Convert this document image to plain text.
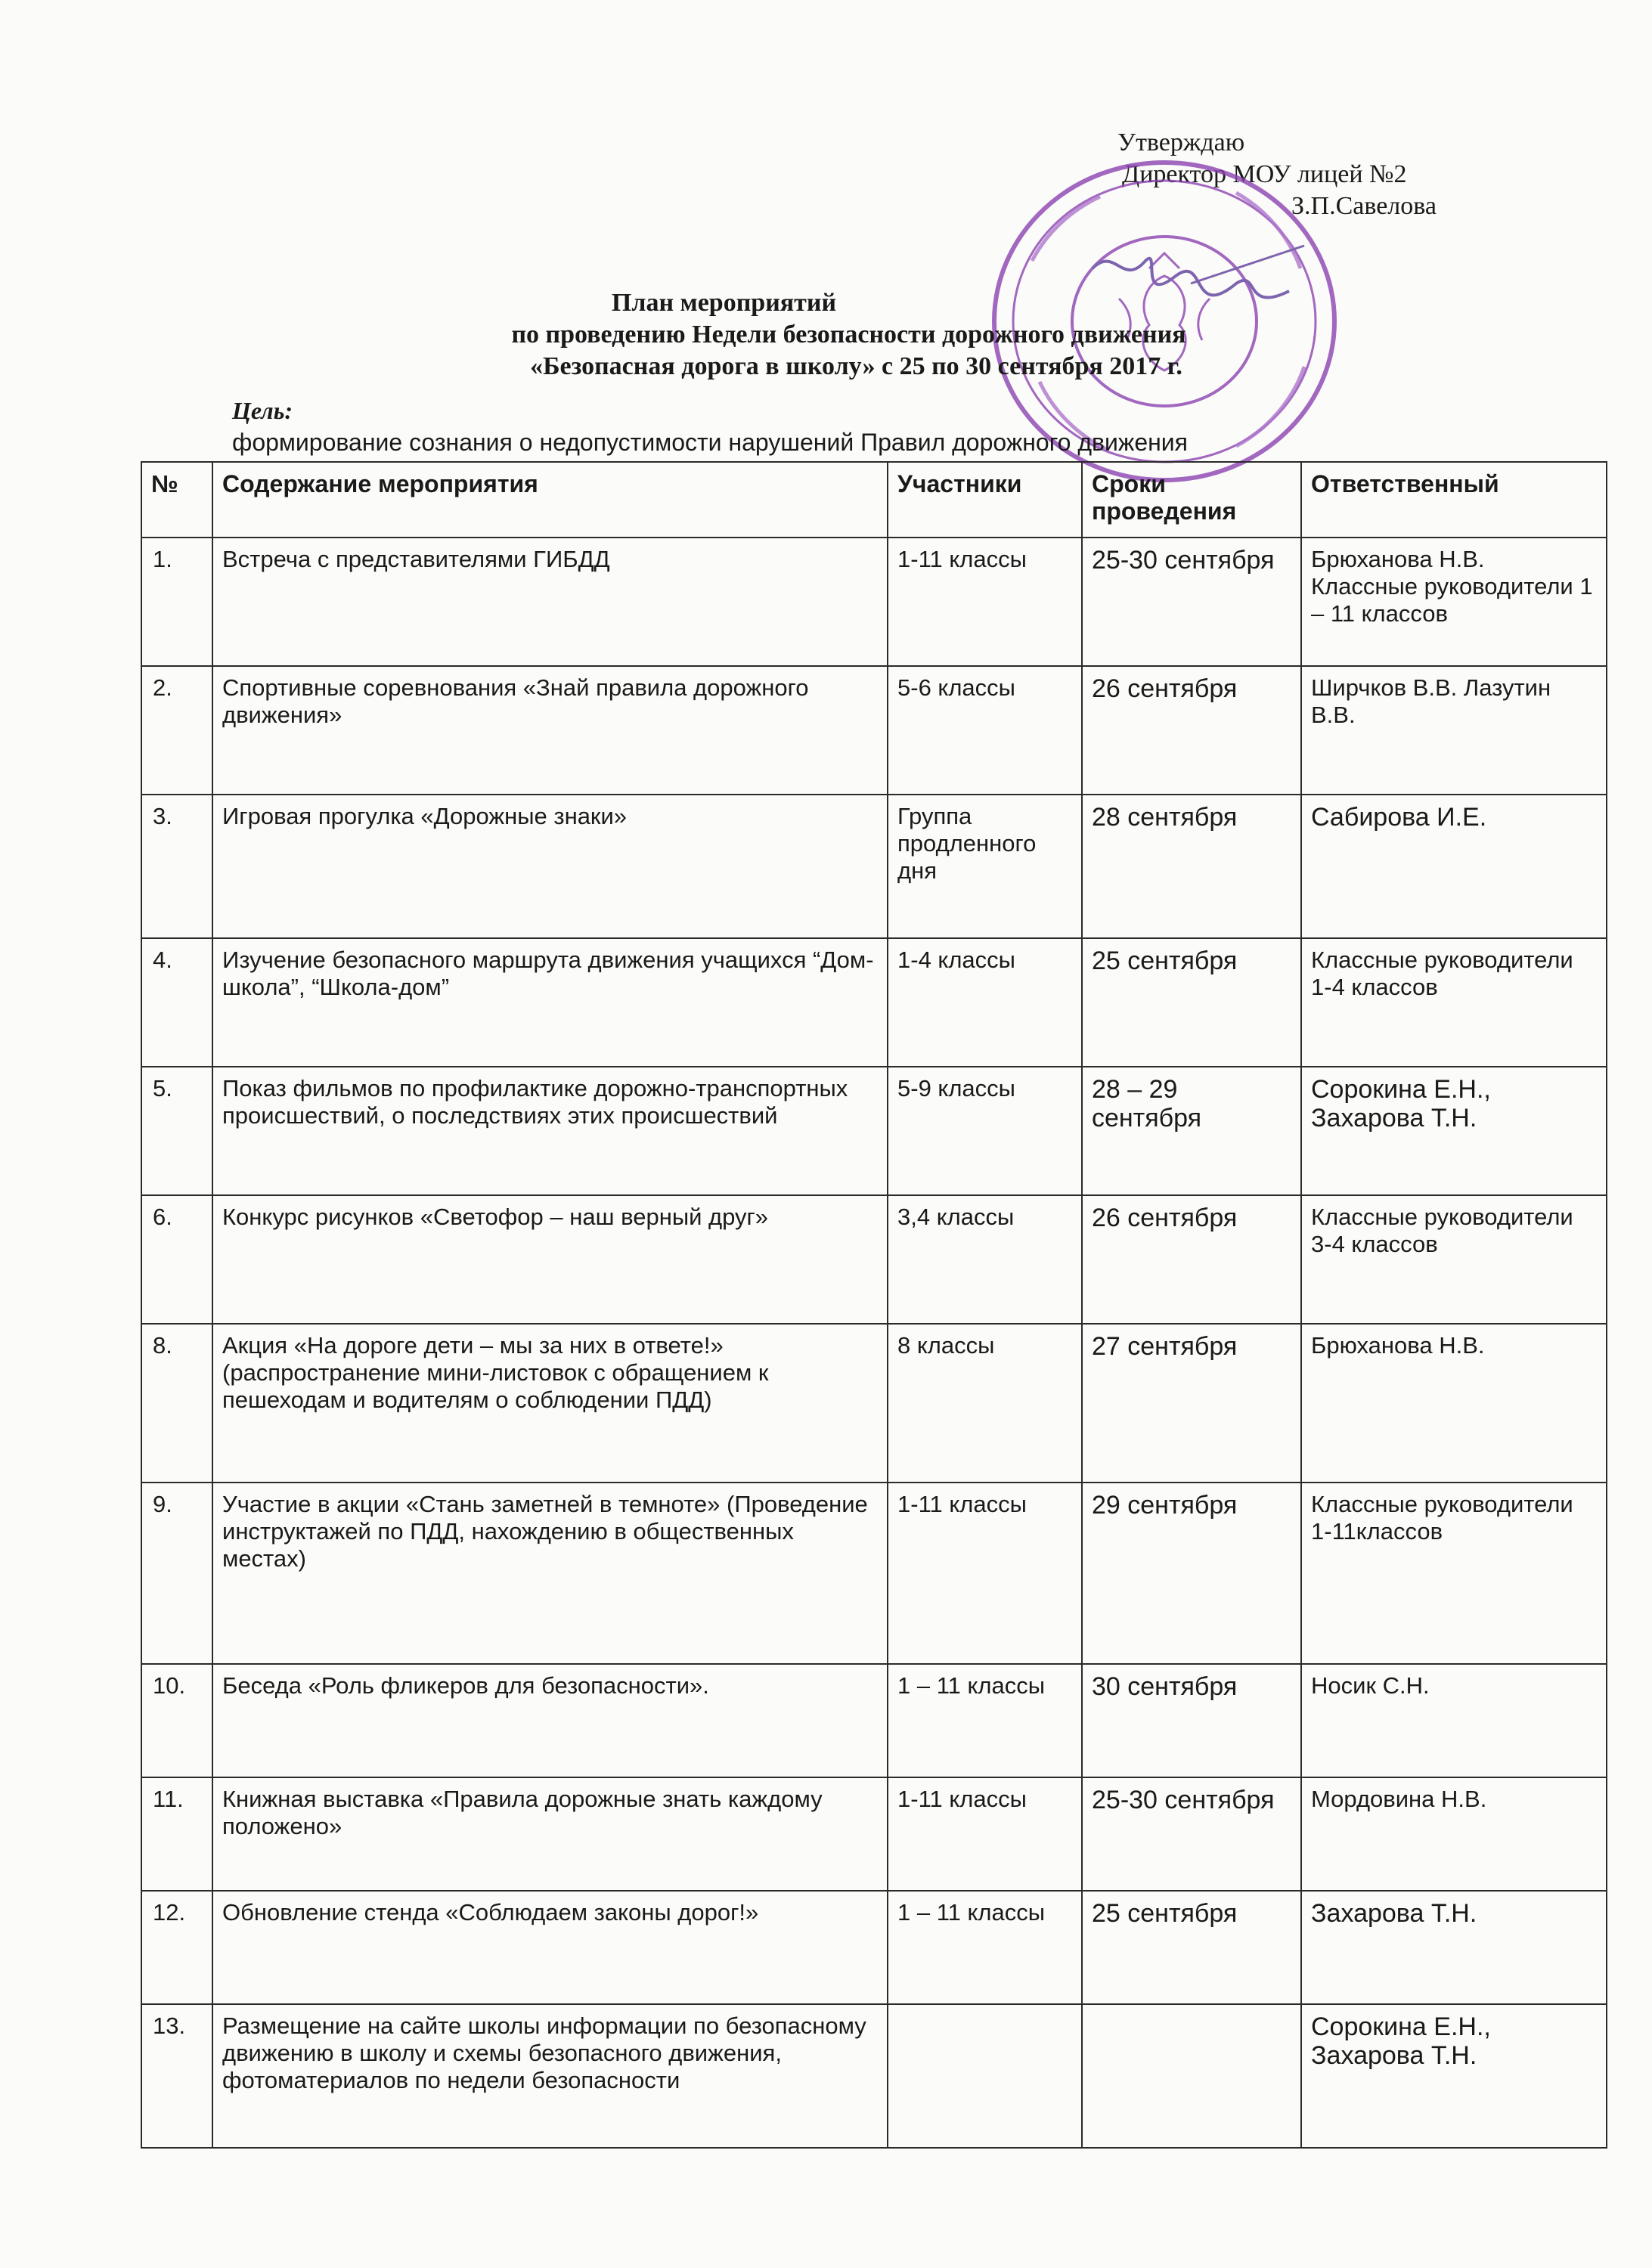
Утверждаю
Директор МОУ лицей №2
З.П.Савелова
План мероприятий
по проведению Недели безопасности дорожного движения
«Безопасная дорога в школу» с 25 по 30 сентября 2017 г.
Цель:
формирование сознания о недопустимости нарушений Правил дорожного движения
№	Содержание мероприятия	Участники	Сроки проведения	Ответственный
1.	Встреча с представителями ГИБДД	1-11 классы	25-30 сентября	Брюханова Н.В. Классные руководители 1 – 11 классов
2.	Спортивные соревнования «Знай правила дорожного движения»	5-6 классы	26 сентября	Ширчков В.В. Лазутин В.В.
3.	Игровая прогулка «Дорожные знаки»	Группа продленного дня	28 сентября	Сабирова И.Е.
4.	Изучение безопасного маршрута движения учащихся “Дом-школа”, “Школа-дом”	1-4 классы	25 сентября	Классные руководители 1-4 классов
5.	Показ фильмов по профилактике дорожно-транспортных происшествий, о последствиях этих происшествий	5-9 классы	28 – 29 сентября	Сорокина Е.Н., Захарова Т.Н.
6.	Конкурс рисунков «Светофор – наш верный друг»	3,4 классы	26 сентября	Классные руководители 3-4 классов
8.	Акция «На дороге дети – мы за них в ответе!» (распространение мини-листовок с обращением к пешеходам и водителям о соблюдении ПДД)	8 классы	27 сентября	Брюханова Н.В.
9.	Участие в акции «Стань заметней в темноте» (Проведение инструктажей по ПДД, нахождению в общественных местах)	1-11 классы	29 сентября	Классные руководители 1-11классов
10.	Беседа «Роль фликеров для безопасности».	1 – 11 классы	30 сентября	Носик С.Н.
11.	Книжная выставка «Правила дорожные знать каждому положено»	1-11 классы	25-30 сентября	Мордовина Н.В.
12.	Обновление стенда «Соблюдаем законы дорог!»	1 – 11 классы	25 сентября	Захарова Т.Н.
13.	Размещение на сайте школы информации по безопасному движению в школу и схемы безопасного движения, фотоматериалов по недели безопасности			Сорокина Е.Н., Захарова Т.Н.
